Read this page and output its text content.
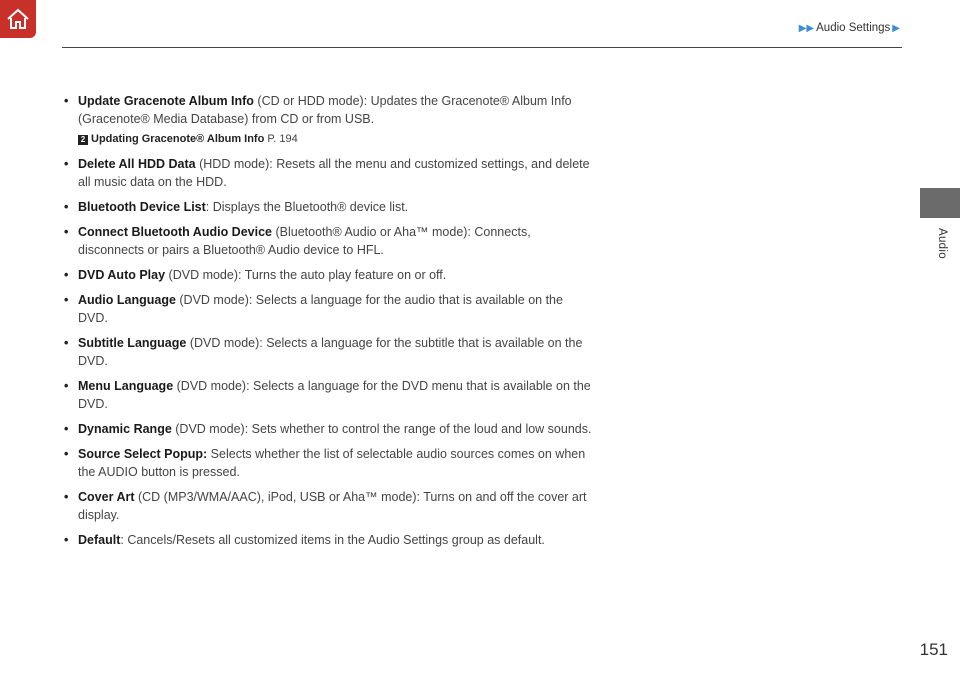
▶▶ Audio Settings ▶
Audio
• Update Gracenote Album Info (CD or HDD mode): Updates the Gracenote® Album Info (Gracenote® Media Database) from CD or from USB.
2 Updating Gracenote® Album Info P. 194
• Delete All HDD Data (HDD mode): Resets all the menu and customized settings, and delete all music data on the HDD.
• Bluetooth Device List: Displays the Bluetooth® device list.
• Connect Bluetooth Audio Device (Bluetooth® Audio or Aha™ mode): Connects, disconnects or pairs a Bluetooth® Audio device to HFL.
• DVD Auto Play (DVD mode): Turns the auto play feature on or off.
• Audio Language (DVD mode): Selects a language for the audio that is available on the DVD.
• Subtitle Language (DVD mode): Selects a language for the subtitle that is available on the DVD.
• Menu Language (DVD mode): Selects a language for the DVD menu that is available on the DVD.
• Dynamic Range (DVD mode): Sets whether to control the range of the loud and low sounds.
• Source Select Popup: Selects whether the list of selectable audio sources comes on when the AUDIO button is pressed.
• Cover Art (CD (MP3/WMA/AAC), iPod, USB or Aha™ mode): Turns on and off the cover art display.
• Default: Cancels/Resets all customized items in the Audio Settings group as default.
151
